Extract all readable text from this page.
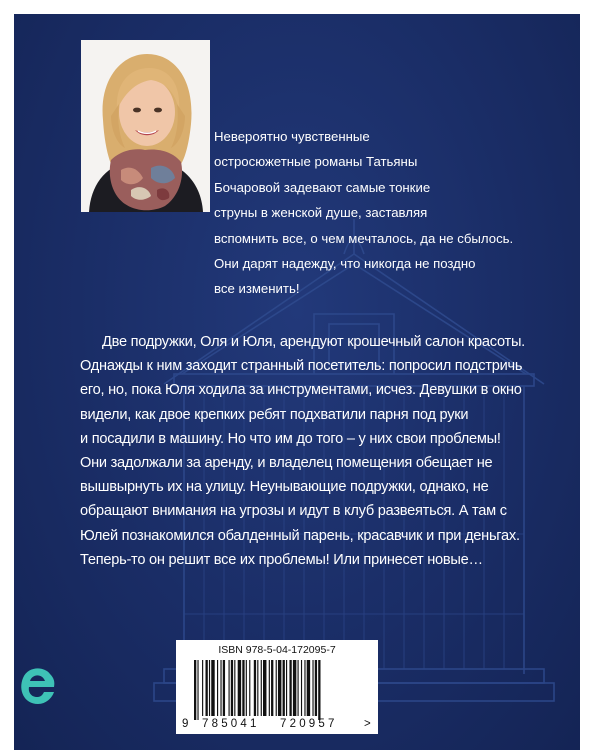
Невероятно чувственные
остросюжетные романы Татьяны
Бочаровой задевают самые тонкие
струны в женской душе, заставляя
вспомнить все, о чем мечталось, да не сбылось.
Они дарят надежду, что никогда не поздно
все изменить!
Две подружки, Оля и Юля, арендуют крошечный салон красоты.
Однажды к ним заходит странный посетитель: попросил подстричь
его, но, пока Юля ходила за инструментами, исчез. Девушки в окно
видели, как двое крепких ребят подхватили парня под руки
и посадили в машину. Но что им до того – у них свои проблемы!
Они задолжали за аренду, и владелец помещения обещает не
вышвырнуть их на улицу. Неунывающие подружки, однако, не
обращают внимания на угрозы и идут в клуб развеяться. А там с
Юлей познакомился обалденный парень, красавчик и при деньгах.
Теперь-то он решит все их проблемы! Или принесет новые…
ISBN 978-5-04-172095-7
9 785041 720957 >
